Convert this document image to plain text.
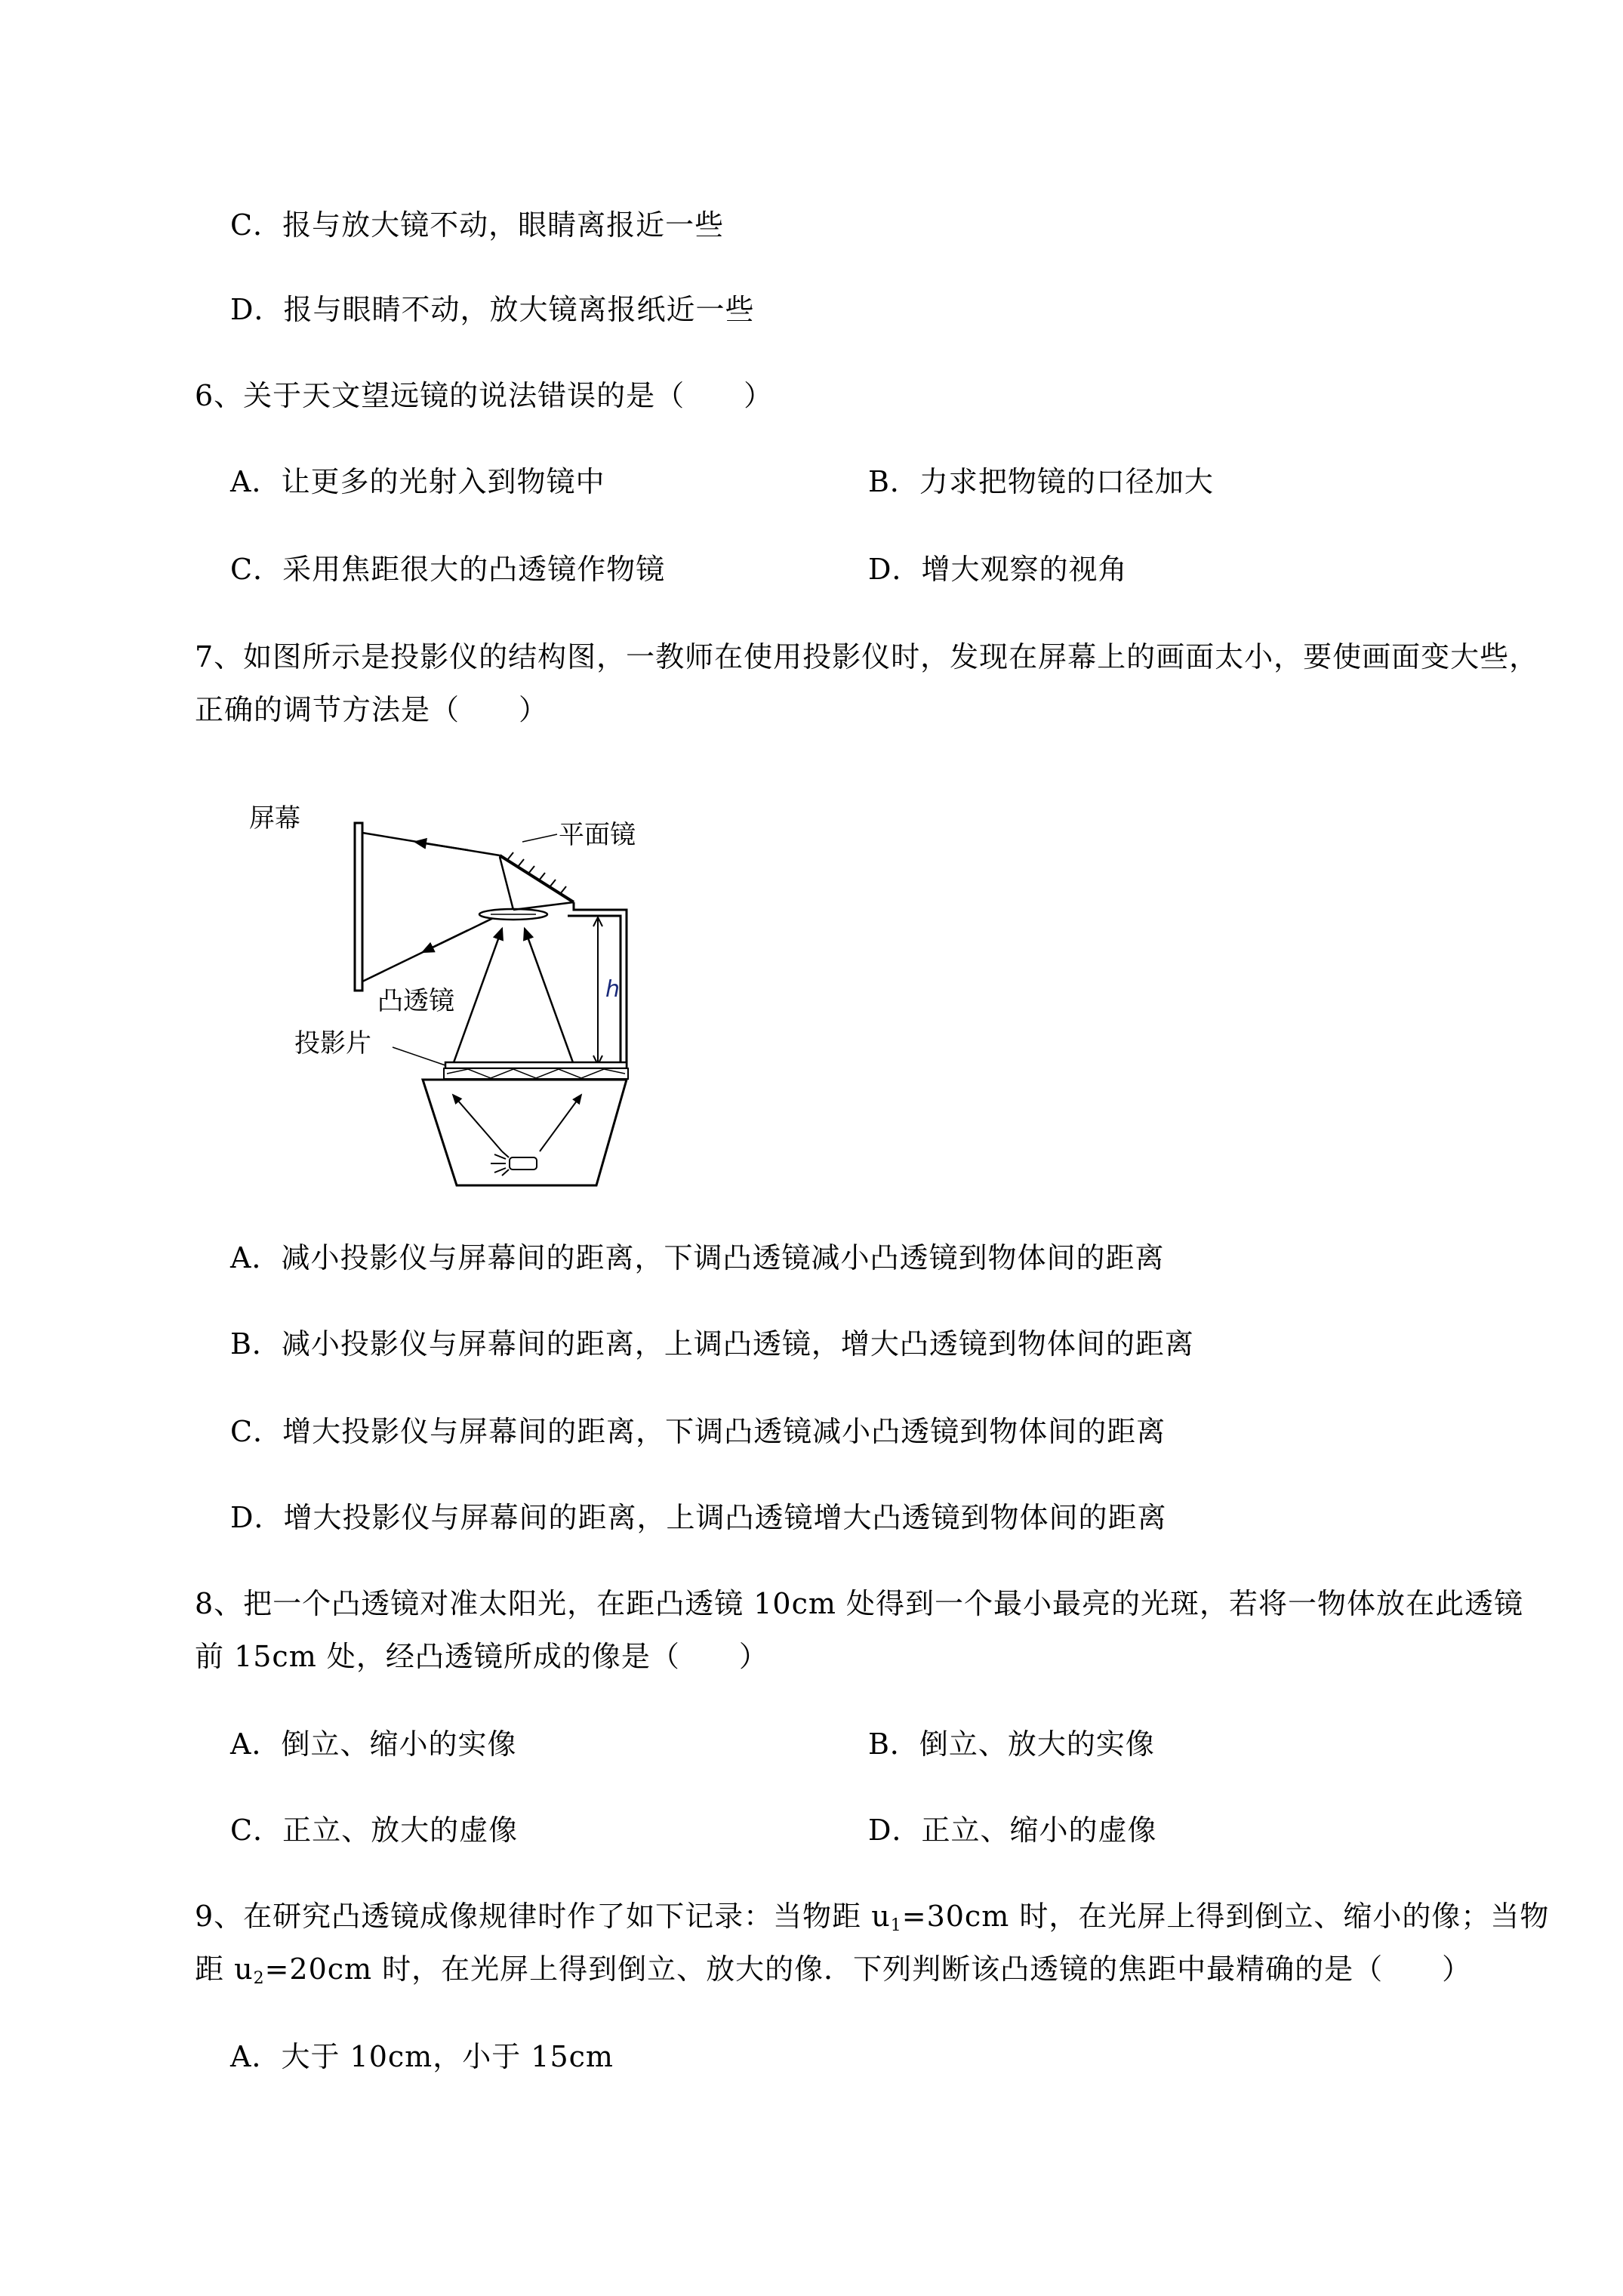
C．报与放大镜不动，眼睛离报近一些
D．报与眼睛不动，放大镜离报纸近一些
6、关于天文望远镜的说法错误的是（　　）
A．让更多的光射入到物镜中	B．力求把物镜的口径加大
C．采用焦距很大的凸透镜作物镜	D．增大观察的视角
7、如图所示是投影仪的结构图，一教师在使用投影仪时，发现在屏幕上的画面太小，要使画面变大些，
正确的调节方法是（　　）
屏幕
平面镜
凸透镜	h
投影片
A．减小投影仪与屏幕间的距离，下调凸透镜减小凸透镜到物体间的距离
B．减小投影仪与屏幕间的距离，上调凸透镜，增大凸透镜到物体间的距离
C．增大投影仪与屏幕间的距离，下调凸透镜减小凸透镜到物体间的距离
D．增大投影仪与屏幕间的距离，上调凸透镜增大凸透镜到物体间的距离
8、把一个凸透镜对准太阳光，在距凸透镜 10cm 处得到一个最小最亮的光斑，若将一物体放在此透镜
前 15cm 处，经凸透镜所成的像是（　　）
A．倒立、缩小的实像	B．倒立、放大的实像
C．正立、放大的虚像	D．正立、缩小的虚像
9、在研究凸透镜成像规律时作了如下记录：当物距 $u_1=30cm$ 时，在光屏上得到倒立、缩小的像；当物
距 $u_2=20cm$ 时，在光屏上得到倒立、放大的像．下列判断该凸透镜的焦距中最精确的是（　　）
A．大于 10cm，小于 15cm
